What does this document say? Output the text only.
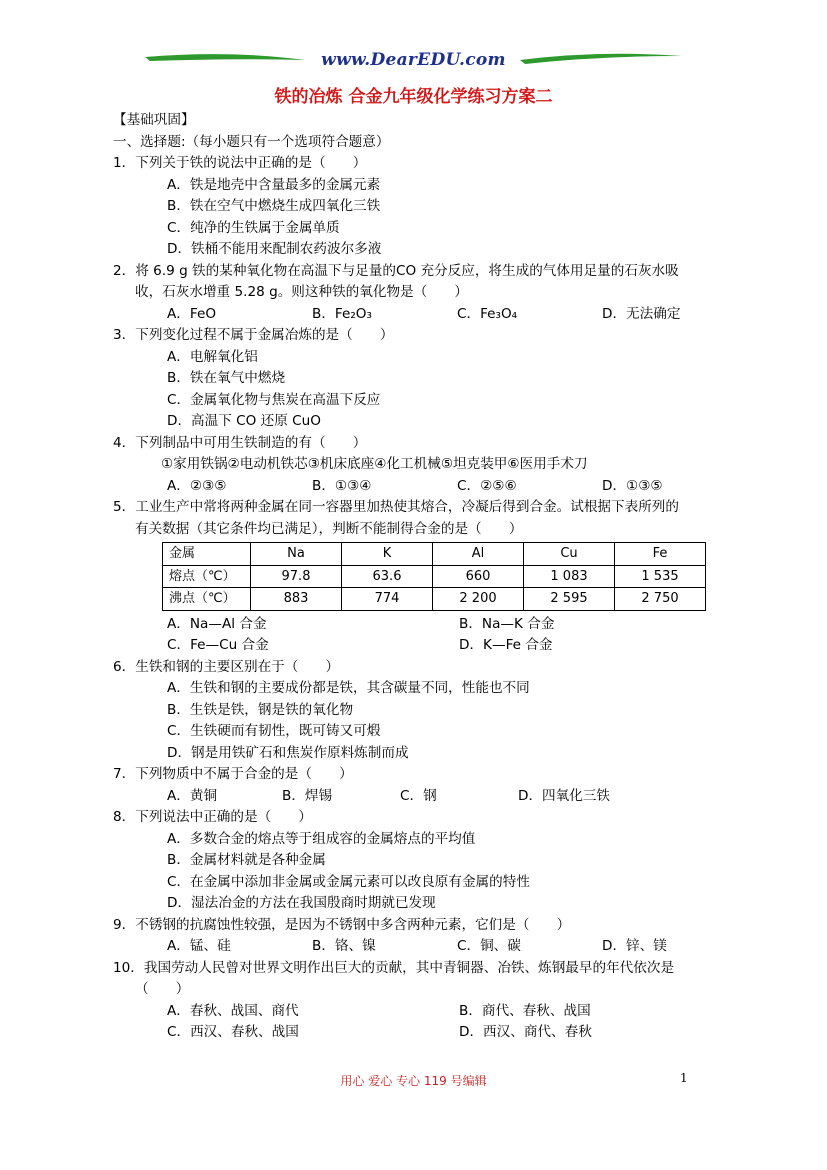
www.DearEDU.com
铁的冶炼 合金九年级化学练习方案二
【基础巩固】
一、选择题:（每小题只有一个选项符合题意）
1．下列关于铁的说法中正确的是（　　）
A．铁是地壳中含量最多的金属元素
B．铁在空气中燃烧生成四氧化三铁
C．纯净的生铁属于金属单质
D．铁桶不能用来配制农药波尔多液
2．将 6.9 g 铁的某种氧化物在高温下与足量的CO 充分反应，将生成的气体用足量的石灰水吸
收，石灰水增重 5.28 g。则这种铁的氧化物是（　　）
A．FeO	B．Fe₂O₃	C．Fe₃O₄	D．无法确定
3．下列变化过程不属于金属冶炼的是（　　）
A．电解氧化铝
B．铁在氧气中燃烧
C．金属氧化物与焦炭在高温下反应
D．高温下 CO 还原 CuO
4．下列制品中可用生铁制造的有（　　）
①家用铁锅②电动机铁芯③机床底座④化工机械⑤坦克装甲⑥医用手术刀
A．②③⑤	B．①③④	C．②⑤⑥	D．①③⑤
5．工业生产中常将两种金属在同一容器里加热使其熔合，冷凝后得到合金。试根据下表所列的
有关数据（其它条件均已满足），判断不能制得合金的是（　　）
金属	Na	K	Al	Cu	Fe
熔点（℃）	97.8	63.6	660	1 083	1 535
沸点（℃）	883	774	2 200	2 595	2 750
A．Na—Al 合金	B．Na—K 合金
C．Fe—Cu 合金	D．K—Fe 合金
6．生铁和钢的主要区别在于（　　）
A．生铁和钢的主要成份都是铁，其含碳量不同，性能也不同
B．生铁是铁，钢是铁的氧化物
C．生铁硬而有韧性，既可铸又可煅
D．钢是用铁矿石和焦炭作原料炼制而成
7．下列物质中不属于合金的是（　　）
A．黄铜	B．焊锡	C．钢	D．四氧化三铁
8．下列说法中正确的是（　　）
A．多数合金的熔点等于组成容的金属熔点的平均值
B．金属材料就是各种金属
C．在金属中添加非金属或金属元素可以改良原有金属的特性
D．湿法冶金的方法在我国殷商时期就已发现
9．不锈钢的抗腐蚀性较强，是因为不锈钢中多含两种元素，它们是（　　）
A．锰、硅	B．铬、镍	C．铜、碳	D．锌、镁
10．我国劳动人民曾对世界文明作出巨大的贡献，其中青铜器、冶铁、炼钢最早的年代依次是
（　　）
A．春秋、战国、商代	B．商代、春秋、战国
C．西汉、春秋、战国	D．西汉、商代、春秋
用心 爱心 专心 119 号编辑	1
